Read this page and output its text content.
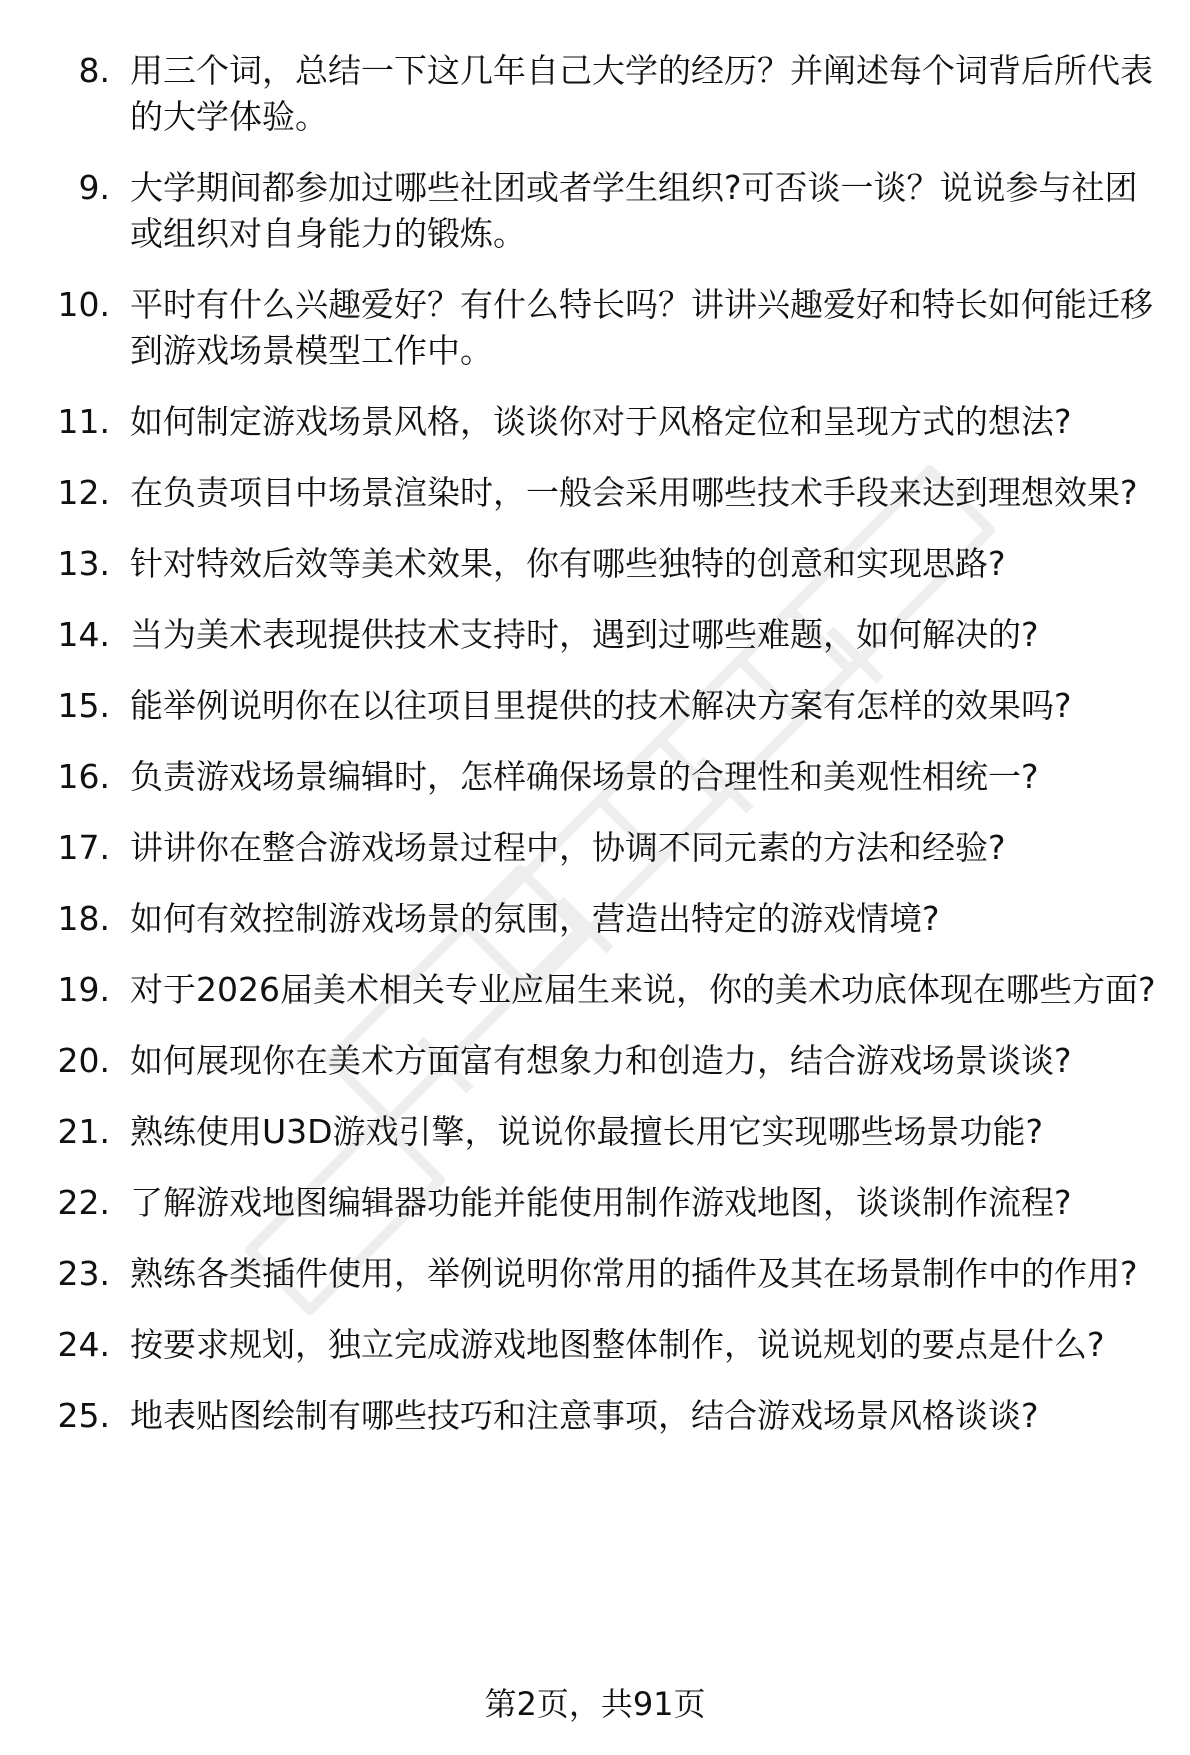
8. 用三个词，总结一下这几年自己大学的经历？并阐述每个词背后所代表的大学体验。
9. 大学期间都参加过哪些社团或者学生组织?可否谈一谈？说说参与社团或组织对自身能力的锻炼。
10. 平时有什么兴趣爱好？有什么特长吗？讲讲兴趣爱好和特长如何能迁移到游戏场景模型工作中。
11. 如何制定游戏场景风格，谈谈你对于风格定位和呈现方式的想法?
12. 在负责项目中场景渲染时，一般会采用哪些技术手段来达到理想效果?
13. 针对特效后效等美术效果，你有哪些独特的创意和实现思路?
14. 当为美术表现提供技术支持时，遇到过哪些难题，如何解决的?
15. 能举例说明你在以往项目里提供的技术解决方案有怎样的效果吗?
16. 负责游戏场景编辑时，怎样确保场景的合理性和美观性相统一?
17. 讲讲你在整合游戏场景过程中，协调不同元素的方法和经验?
18. 如何有效控制游戏场景的氛围，营造出特定的游戏情境?
19. 对于2026届美术相关专业应届生来说，你的美术功底体现在哪些方面?
20. 如何展现你在美术方面富有想象力和创造力，结合游戏场景谈谈?
21. 熟练使用U3D游戏引擎，说说你最擅长用它实现哪些场景功能?
22. 了解游戏地图编辑器功能并能使用制作游戏地图，谈谈制作流程?
23. 熟练各类插件使用，举例说明你常用的插件及其在场景制作中的作用?
24. 按要求规划，独立完成游戏地图整体制作，说说规划的要点是什么?
25. 地表贴图绘制有哪些技巧和注意事项，结合游戏场景风格谈谈?
第2页，共91页
